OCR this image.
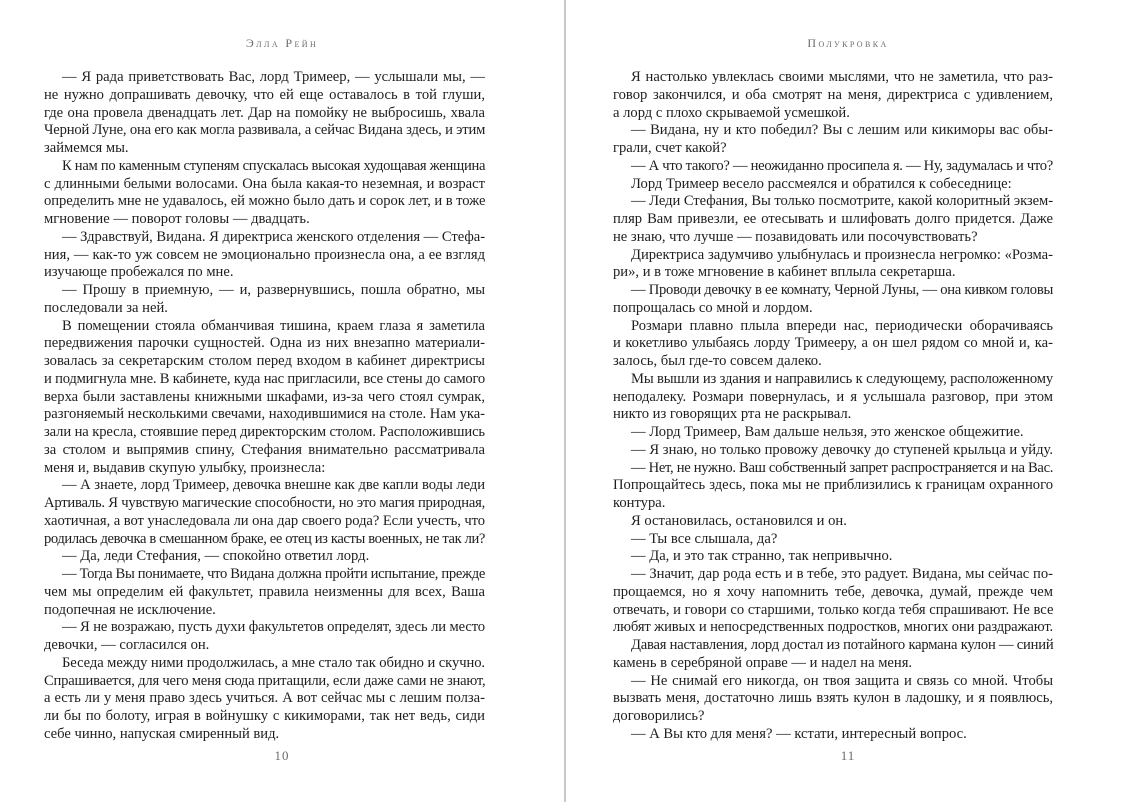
Элла Рейн
— Я рада приветствовать Вас, лорд Тримеер, — услышали мы, —
не нужно допрашивать девочку, что ей еще оставалось в той глуши,
где она провела двенадцать лет. Дар на помойку не выбросишь, хвала
Черной Луне, она его как могла развивала, а сейчас Видана здесь, и этим
займемся мы.
К нам по каменным ступеням спускалась высокая худощавая женщина
с длинными белыми волосами. Она была какая-то неземная, и возраст
определить мне не удавалось, ей можно было дать и сорок лет, и в тоже
мгновение — поворот головы — двадцать.
— Здравствуй, Видана. Я директриса женского отделения — Стефа-
ния, — как-то уж совсем не эмоционально произнесла она, а ее взгляд
изучающе пробежался по мне.
— Прошу в приемную, — и, развернувшись, пошла обратно, мы
последовали за ней.
В помещении стояла обманчивая тишина, краем глаза я заметила
передвижения парочки сущностей. Одна из них внезапно материали-
зовалась за секретарским столом перед входом в кабинет директрисы
и подмигнула мне. В кабинете, куда нас пригласили, все стены до самого
верха были заставлены книжными шкафами, из-за чего стоял сумрак,
разгоняемый несколькими свечами, находившимися на столе. Нам ука-
зали на кресла, стоявшие перед директорским столом. Расположившись
за столом и выпрямив спину, Стефания внимательно рассматривала
меня и, выдавив скупую улыбку, произнесла:
— А знаете, лорд Тримеер, девочка внешне как две капли воды леди
Артиваль. Я чувствую магические способности, но это магия природная,
хаотичная, а вот унаследовала ли она дар своего рода? Если учесть, что
родилась девочка в смешанном браке, ее отец из касты военных, не так ли?
— Да, леди Стефания, — спокойно ответил лорд.
— Тогда Вы понимаете, что Видана должна пройти испытание, прежде
чем мы определим ей факультет, правила неизменны для всех, Ваша
подопечная не исключение.
— Я не возражаю, пусть духи факультетов определят, здесь ли место
девочки, — согласился он.
Беседа между ними продолжилась, а мне стало так обидно и скучно.
Спрашивается, для чего меня сюда притащили, если даже сами не знают,
а есть ли у меня право здесь учиться. А вот сейчас мы с лешим полза-
ли бы по болоту, играя в войнушку с кикиморами, так нет ведь, сиди
себе чинно, напуская смиренный вид.
10
Полукровка
Я настолько увлеклась своими мыслями, что не заметила, что раз-
говор закончился, и оба смотрят на меня, директриса с удивлением,
а лорд с плохо скрываемой усмешкой.
— Видана, ну и кто победил? Вы с лешим или кикиморы вас обы-
грали, счет какой?
— А что такого? — неожиданно просипела я. — Ну, задумалась и что?
Лорд Тримеер весело рассмеялся и обратился к собеседнице:
— Леди Стефания, Вы только посмотрите, какой колоритный экзем-
пляр Вам привезли, ее отесывать и шлифовать долго придется. Даже
не знаю, что лучше — позавидовать или посочувствовать?
Директриса задумчиво улыбнулась и произнесла негромко: «Розма-
ри», и в тоже мгновение в кабинет вплыла секретарша.
— Проводи девочку в ее комнату, Черной Луны, — она кивком головы
попрощалась со мной и лордом.
Розмари плавно плыла впереди нас, периодически оборачиваясь
и кокетливо улыбаясь лорду Тримееру, а он шел рядом со мной и, ка-
залось, был где-то совсем далеко.
Мы вышли из здания и направились к следующему, расположенному
неподалеку. Розмари повернулась, и я услышала разговор, при этом
никто из говорящих рта не раскрывал.
— Лорд Тримеер, Вам дальше нельзя, это женское общежитие.
— Я знаю, но только провожу девочку до ступеней крыльца и уйду.
— Нет, не нужно. Ваш собственный запрет распространяется и на Вас.
Попрощайтесь здесь, пока мы не приблизились к границам охранного
контура.
Я остановилась, остановился и он.
— Ты все слышала, да?
— Да, и это так странно, так непривычно.
— Значит, дар рода есть и в тебе, это радует. Видана, мы сейчас по-
прощаемся, но я хочу напомнить тебе, девочка, думай, прежде чем
отвечать, и говори со старшими, только когда тебя спрашивают. Не все
любят живых и непосредственных подростков, многих они раздражают.
Давая наставления, лорд достал из потайного кармана кулон — синий
камень в серебряной оправе — и надел на меня.
— Не снимай его никогда, он твоя защита и связь со мной. Чтобы
вызвать меня, достаточно лишь взять кулон в ладошку, и я появлюсь,
договорились?
— А Вы кто для меня? — кстати, интересный вопрос.
11
